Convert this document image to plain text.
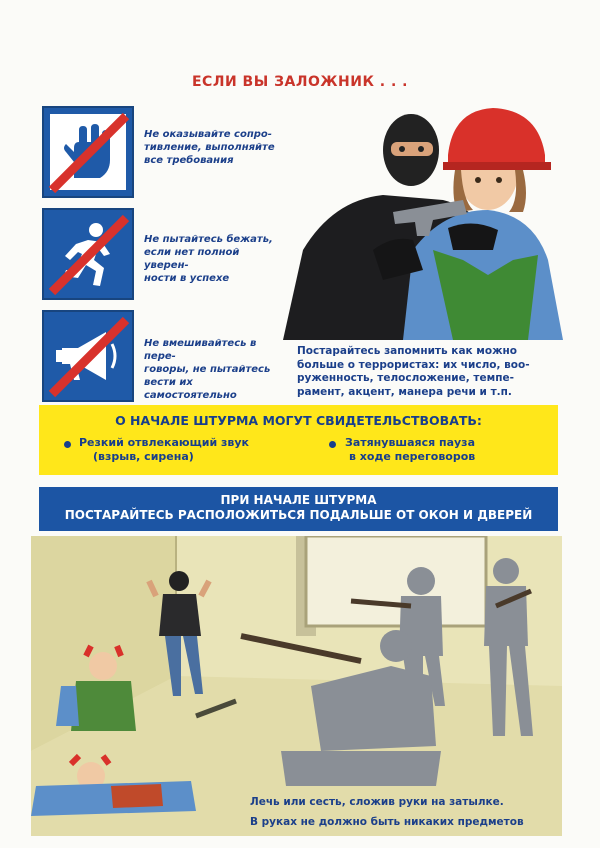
ЕСЛИ ВЫ ЗАЛОЖНИК . . .
Не оказывайте сопро-
тивление, выполняйте
все требования
Не пытайтесь бежать,
если нет полной уверен-
ности в успехе
Не вмешивайтесь в пере-
говоры, не пытайтесь
вести их самостоятельно
Постарайтесь запомнить как можно
больше о террористах: их число, воо-
руженность, телосложение, темпе-
рамент, акцент, манера речи и т.п.
О НАЧАЛЕ ШТУРМА МОГУТ СВИДЕТЕЛЬСТВОВАТЬ:
Резкий отвлекающий звук
(взрыв, сирена)
Затянувшаяся пауза
в ходе переговоров
ПРИ НАЧАЛЕ ШТУРМА
ПОСТАРАЙТЕСЬ РАСПОЛОЖИТЬСЯ ПОДАЛЬШЕ ОТ ОКОН И ДВЕРЕЙ
Лечь или сесть, сложив руки на затылке.
В руках не должно быть никаких предметов
